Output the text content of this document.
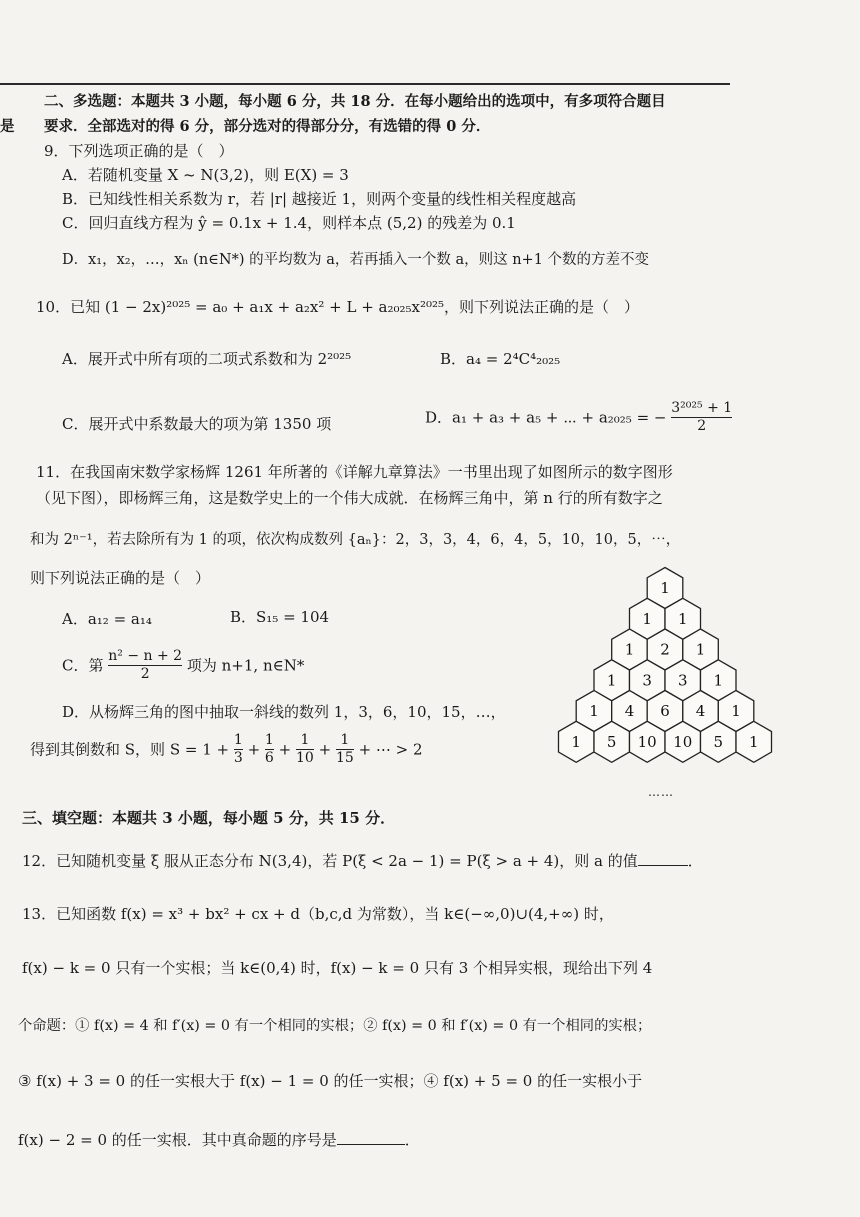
二、多选题：本题共 3 小题，每小题 6 分，共 18 分．在每小题给出的选项中，有多项符合题目
是 要求．全部选对的得 6 分，部分选对的得部分分，有选错的得 0 分．
9．下列选项正确的是（　）
A．若随机变量 X ~ N(3,2)，则 E(X) = 3
B．已知线性相关系数为 r，若 |r| 越接近 1，则两个变量的线性相关程度越高
C．回归直线方程为 ŷ = 0.1x + 1.4，则样本点 (5,2) 的残差为 0.1
D．x₁，x₂，…，xₙ (n∈N*) 的平均数为 a，若再插入一个数 a，则这 n+1 个数的方差不变
10．已知 (1 − 2x)²⁰²⁵ = a₀ + a₁x + a₂x² + L + a₂₀₂₅x²⁰²⁵，则下列说法正确的是（　）
A．展开式中所有项的二项式系数和为 2²⁰²⁵	B．a₄ = 2⁴C⁴₂₀₂₅
C．展开式中系数最大的项为第 1350 项	D．a₁ + a₃ + a₅ + ⋯ + a₂₀₂₅ = − $\frac{\text{3²⁰²⁵ + 1}}{2}$
11．在我国南宋数学家杨辉 1261 年所著的《详解九章算法》一书里出现了如图所示的数字图形
（见下图），即杨辉三角，这是数学史上的一个伟大成就．在杨辉三角中，第 n 行的所有数字之
和为 2ⁿ⁻¹，若去除所有为 1 的项，依次构成数列 {aₙ}：2，3，3，4，6，4，5，10，10，5，⋯，
则下列说法正确的是（　）
A．a₁₂ = a₁₄	B．S₁₅ = 104
C．第 $\frac{\text{n² − n + 2}}{2}$ 项为 n+1, n∈N*
D．从杨辉三角的图中抽取一斜线的数列 1，3，6，10，15，…，
得到其倒数和 S，则 $S = 1 + \frac{1}{3} + \frac{1}{6} + \frac{1}{10} + \frac{1}{15}$ + ⋯ > 2
1
1 1
1 2 1
1 3 3 1
1 4 6 4 1
1 5 10 10 5 1
……
三、填空题：本题共 3 小题，每小题 5 分，共 15 分．
12．已知随机变量 ξ 服从正态分布 N(3,4)，若 P(ξ < 2a − 1) = P(ξ > a + 4)，则 a 的值	．
13．已知函数 f(x) = x³ + bx² + cx + d（b,c,d 为常数），当 k∈(−∞,0)∪(4,+∞) 时，
f(x) − k = 0 只有一个实根；当 k∈(0,4) 时，f(x) − k = 0 只有 3 个相异实根，现给出下列 4
个命题：① f(x) = 4 和 f′(x) = 0 有一个相同的实根；② f(x) = 0 和 f′(x) = 0 有一个相同的实根；
③ f(x) + 3 = 0 的任一实根大于 f(x) − 1 = 0 的任一实根；④ f(x) + 5 = 0 的任一实根小于
f(x) − 2 = 0 的任一实根．其中真命题的序号是	．
